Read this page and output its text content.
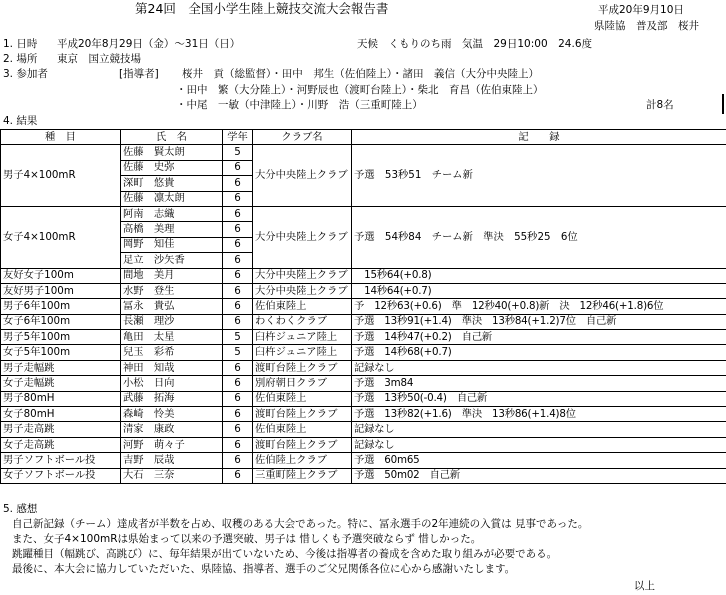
第24回　全国小学生陸上競技交流大会報告書	平成20年9月10日
県陸協　普及部　桜井
1. 日時 平成20年8月29日（金）～31日（日）	天候　くもりのち雨　気温　29日10:00　24.6度
2. 場所 東京　国立競技場
3. 参加者	[指導者] 桜井　貢（総監督）・田中　邦生（佐伯陸上）・諸田　義信（大分中央陸上）
・田中　繁（大分陸上）・河野辰也（渡町台陸上）・柴北　育昌（佐伯東陸上）
・中尾　一敏（中津陸上）・川野　浩（三重町陸上）	計8名
4. 結果
種　目	氏　名	学年	クラブ名	記　　録
男子4×100mR	佐藤　賢太朗	5	大分中央陸上クラブ	予選　53秒51　チーム新
	佐藤　史弥	6		
	深町　悠貴	6		
	佐藤　凛太朗	6		
女子4×100mR	阿南　志織	6	大分中央陸上クラブ	予選　54秒84　チーム新　準決　55秒25　6位
	高橋　美理	6		
	岡野　知佳	6		
	足立　沙矢香	6		
友好女子100m	間地　美月	6	大分中央陸上クラブ	　15秒64(+0.8)
友好男子100m	水野　登生	6	大分中央陸上クラブ	　14秒64(+0.7)
男子6年100m	冨永　貴弘	6	佐伯東陸上	予　12秒63(+0.6)　準　12秒40(+0.8)新　決　12秒46(+1.8)6位
女子6年100m	長瀬　理沙	6	わくわくクラブ	予選　13秒91(+1.4)　準決　13秒84(+1.2)7位　自己新
男子5年100m	亀田　太星	5	臼杵ジュニア陸上	予選　14秒47(+0.2)　自己新
女子5年100m	兒玉　彩希	5	臼杵ジュニア陸上	予選　14秒68(+0.7)
男子走幅跳	神田　知哉	6	渡町台陸上クラブ	記録なし
女子走幅跳	小松　日向	6	別府朝日クラブ	予選　3m84
男子80mH	武藤　拓海	6	佐伯東陸上	予選　13秒50(-0.4)　自己新
女子80mH	森崎　怜美	6	渡町台陸上クラブ	予選　13秒82(+1.6)　準決　13秒86(+1.4)8位
男子走高跳	清家　康政	6	佐伯東陸上	記録なし
女子走高跳	河野　萌々子	6	渡町台陸上クラブ	記録なし
男子ソフトボール投	吉野　辰哉	6	佐伯陸上クラブ	予選　60m65
女子ソフトボール投	大石　三奈	6	三重町陸上クラブ	予選　50m02　自己新
5. 感想
自己新記録（チーム）達成者が半数を占め、収穫のある大会であった。特に、冨永選手の2年連続の入賞は 見事であった。
また、女子4×100mRは県始まって以来の予選突破、男子は 惜しくも予選突破ならず 惜しかった。
跳躍種目（幅跳び、高跳び）に、毎年結果が出ていないため、今後は指導者の養成を含めた取り組みが必要である。
最後に、本大会に協力していただいた、県陸協、指導者、選手のご父兄関係各位に心から感謝いたします。
以上
